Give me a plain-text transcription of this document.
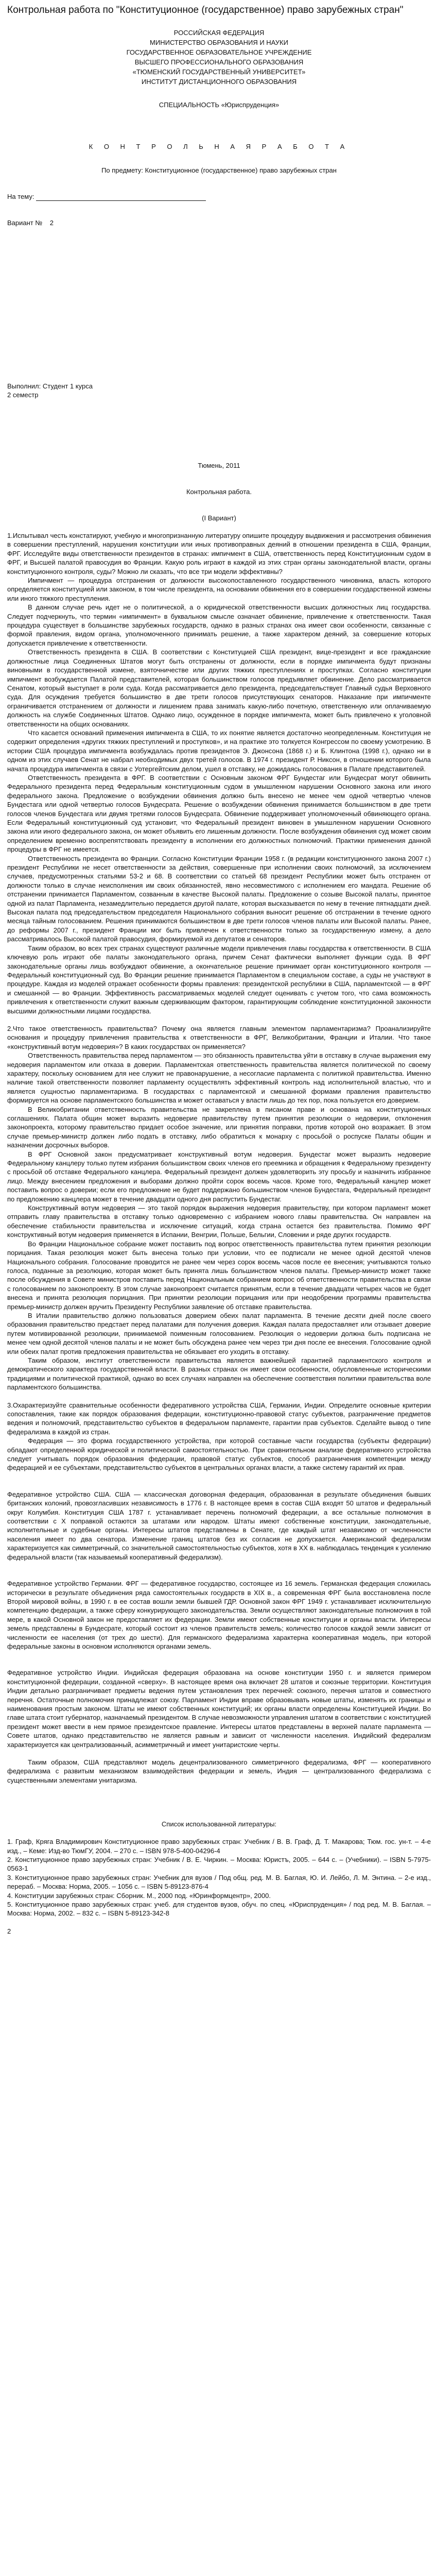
Контрольная работа по "Конституционное (государственное) право зарубежных стран"
РОССИЙСКАЯ ФЕДЕРАЦИЯ
МИНИСТЕРСТВО ОБРАЗОВАНИЯ И НАУКИ
ГОСУДАРСТВЕННОЕ ОБРАЗОВАТЕЛЬНОЕ УЧРЕЖДЕНИЕ
ВЫСШЕГО ПРОФЕССИОНАЛЬНОГО ОБРАЗОВАНИЯ
«ТЮМЕНСКИЙ ГОСУДАРСТВЕННЫЙ УНИВЕРСИТЕТ»
ИНСТИТУТ ДИСТАНЦИОННОГО ОБРАЗОВАНИЯ
СПЕЦИАЛЬНОСТЬ «Юриспруденция»
К О Н Т Р О Л Ь Н А Я Р А Б О Т А
По предмету: Конституционное (государственное) право зарубежных стран
На тему:
Вариант № 2
Выполнил: Студент 1 курса
2 семестр
Тюмень, 2011
Контрольная работа.
(I Вариант)

1.Испытывал честь констатируют, учебную и многопризнанную литературу опишите процедуру выдвижения и рассмотрения обвинения в совершении преступлений, нарушения конституции или иных противоправных деяний в отношении президента в США, Франции, ФРГ. Исследуйте виды ответственности президентов в странах: импичмент в США, ответственность перед Конституционным судом в ФРГ, и Высшей палатой правосудия во Франции. Какую роль играют в каждой из этих стран органы законодательной власти, органы конституционного контроля, суды? Можно ли сказать, что все три модели эффективны?

Импичмент — процедура отстранения от должности высокопоставленного государственного чиновника, власть которого определяется конституцией или законом, в том числе президента, на основании обвинения его в совершении государственной измены или иного тяжкого преступления.

В данном случае речь идет не о политической, а о юридической ответственности высших должностных лиц государства. Следует подчеркнуть, что термин «импичмент» в буквальном смысле означает обвинение, привлечение к ответственности. Такая процедура существует в большинстве зарубежных государств, однако в разных странах она имеет свои особенности, связанные с формой правления, видом органа, уполномоченного принимать решение, а также характером деяний, за совершение которых допускается привлечение к ответственности.

Ответственность президента в США. В соответствии с Конституцией США президент, вице-президент и все гражданские должностные лица Соединенных Штатов могут быть отстранены от должности, если в порядке импичмента будут признаны виновными в государственной измене, взяточничестве или других тяжких преступлениях и проступках. Согласно конституции импичмент возбуждается Палатой представителей, которая большинством голосов предъявляет обвинение. Дело рассматривается Сенатом, который выступает в роли суда. Когда рассматривается дело президента, председательствует Главный судья Верховного суда. Для осуждения требуется большинство в две трети голосов присутствующих сенаторов. Наказание при импичменте ограничивается отстранением от должности и лишением права занимать какую-либо почетную, ответственную или оплачиваемую должность на службе Соединенных Штатов. Однако лицо, осужденное в порядке импичмента, может быть привлечено к уголовной ответственности на общих основаниях.

Что касается оснований применения импичмента в США, то их понятие является достаточно неопределенным. Конституция не содержит определения «других тяжких преступлений и проступков», и на практике это толкуется Конгрессом по своему усмотрению. В истории США процедура импичмента возбуждалась против президентов Э. Джонсона (1868 г.) и Б. Клинтона (1998 г.), однако ни в одном из этих случаев Сенат не набрал необходимых двух третей голосов. В 1974 г. президент Р. Никсон, в отношении которого была начата процедура импичмента в связи с Уотергейтским делом, ушел в отставку, не дожидаясь голосования в Палате представителей.

Ответственность президента в ФРГ. В соответствии с Основным законом ФРГ Бундестаг или Бундесрат могут обвинить Федерального президента перед Федеральным конституционным судом в умышленном нарушении Основного закона или иного федерального закона. Предложение о возбуждении обвинения должно быть внесено не менее чем одной четвертью членов Бундестага или одной четвертью голосов Бундесрата. Решение о возбуждении обвинения принимается большинством в две трети голосов членов Бундестага или двумя третями голосов Бундесрата. Обвинение поддерживает уполномоченный обвиняющего органа. Если Федеральный конституционный суд установит, что Федеральный президент виновен в умышленном нарушении Основного закона или иного федерального закона, он может объявить его лишенным должности. После возбуждения обвинения суд может своим определением временно воспрепятствовать президенту в исполнении его должностных полномочий. Практики применения данной процедуры в ФРГ не имеется.

Ответственность президента во Франции. Согласно Конституции Франции 1958 г. (в редакции конституционного закона 2007 г.) президент Республики не несет ответственности за действия, совершенные при исполнении своих полномочий, за исключением случаев, предусмотренных статьями 53-2 и 68. В соответствии со статьей 68 президент Республики может быть отстранен от должности только в случае неисполнения им своих обязанностей, явно несовместимого с исполнением его мандата. Решение об отстранении принимается Парламентом, созванным в качестве Высокой палаты. Предложение о созыве Высокой палаты, принятое одной из палат Парламента, незамедлительно передается другой палате, которая высказывается по нему в течение пятнадцати дней. Высокая палата под председательством председателя Национального собрания выносит решение об отстранении в течение одного месяца тайным голосованием. Решения принимаются большинством в две трети голосов членов палаты или Высокой палаты. Ранее, до реформы 2007 г., президент Франции мог быть привлечен к ответственности только за государственную измену, а дело рассматривалось Высокой палатой правосудия, формируемой из депутатов и сенаторов.

Таким образом, во всех трех странах существуют различные модели привлечения главы государства к ответственности. В США ключевую роль играют обе палаты законодательного органа, причем Сенат фактически выполняет функции суда. В ФРГ законодательные органы лишь возбуждают обвинение, а окончательное решение принимает орган конституционного контроля — Федеральный конституционный суд. Во Франции решение принимается Парламентом в специальном составе, а суды не участвуют в процедуре. Каждая из моделей отражает особенности формы правления: президентской республики в США, парламентской — в ФРГ и смешанной — во Франции. Эффективность рассматриваемых моделей следует оценивать с учетом того, что сама возможность привлечения к ответственности служит важным сдерживающим фактором, гарантирующим соблюдение конституционной законности высшими должностными лицами государства.

2.Что такое ответственность правительства? Почему она является главным элементом парламентаризма? Проанализируйте основания и процедуру привлечения правительства к ответственности в ФРГ, Великобритании, Франции и Италии. Что такое «конструктивный вотум недоверия»? В каких государствах он применяется?

Ответственность правительства перед парламентом — это обязанность правительства уйти в отставку в случае выражения ему недоверия парламентом или отказа в доверии. Парламентская ответственность правительства является политической по своему характеру, поскольку основанием для нее служит не правонарушение, а несогласие парламента с политикой правительства. Именно наличие такой ответственности позволяет парламенту осуществлять эффективный контроль над исполнительной властью, что и является сущностью парламентаризма. В государствах с парламентской и смешанной формами правления правительство формируется на основе парламентского большинства и может оставаться у власти лишь до тех пор, пока пользуется его доверием.

В Великобритании ответственность правительства не закреплена в писаном праве и основана на конституционных соглашениях. Палата общин может выразить недоверие правительству путем принятия резолюции о недоверии, отклонения законопроекта, которому правительство придает особое значение, или принятия поправки, против которой оно возражает. В этом случае премьер-министр должен либо подать в отставку, либо обратиться к монарху с просьбой о роспуске Палаты общин и назначении досрочных выборов.

В ФРГ Основной закон предусматривает конструктивный вотум недоверия. Бундестаг может выразить недоверие Федеральному канцлеру только путем избрания большинством своих членов его преемника и обращения к Федеральному президенту с просьбой об отставке Федерального канцлера. Федеральный президент должен удовлетворить эту просьбу и назначить избранное лицо. Между внесением предложения и выборами должно пройти сорок восемь часов. Кроме того, Федеральный канцлер может поставить вопрос о доверии; если его предложение не будет поддержано большинством членов Бундестага, Федеральный президент по предложению канцлера может в течение двадцати одного дня распустить Бундестаг.

Конструктивный вотум недоверия — это такой порядок выражения недоверия правительству, при котором парламент может отправить главу правительства в отставку только одновременно с избранием нового главы правительства. Он направлен на обеспечение стабильности правительства и исключение ситуаций, когда страна остается без правительства. Помимо ФРГ конструктивный вотум недоверия применяется в Испании, Венгрии, Польше, Бельгии, Словении и ряде других государств.

Во Франции Национальное собрание может поставить под вопрос ответственность правительства путем принятия резолюции порицания. Такая резолюция может быть внесена только при условии, что ее подписали не менее одной десятой членов Национального собрания. Голосование проводится не ранее чем через сорок восемь часов после ее внесения; учитываются только голоса, поданные за резолюцию, которая может быть принята лишь большинством членов палаты. Премьер-министр может также после обсуждения в Совете министров поставить перед Национальным собранием вопрос об ответственности правительства в связи с голосованием по законопроекту. В этом случае законопроект считается принятым, если в течение двадцати четырех часов не будет внесена и принята резолюция порицания. При принятии резолюции порицания или при неодобрении программы правительства премьер-министр должен вручить Президенту Республики заявление об отставке правительства.

В Италии правительство должно пользоваться доверием обеих палат парламента. В течение десяти дней после своего образования правительство предстает перед палатами для получения доверия. Каждая палата предоставляет или отзывает доверие путем мотивированной резолюции, принимаемой поименным голосованием. Резолюция о недоверии должна быть подписана не менее чем одной десятой членов палаты и не может быть обсуждена ранее чем через три дня после ее внесения. Голосование одной или обеих палат против предложения правительства не обязывает его уходить в отставку.

Таким образом, институт ответственности правительства является важнейшей гарантией парламентского контроля и демократического характера государственной власти. В разных странах он имеет свои особенности, обусловленные историческими традициями и политической практикой, однако во всех случаях направлен на обеспечение соответствия политики правительства воле парламентского большинства.

3.Охарактеризуйте сравнительные особенности федеративного устройства США, Германии, Индии. Определите основные критерии сопоставления, такие как порядок образования федерации, конституционно-правовой статус субъектов, разграничение предметов ведения и полномочий, представительство субъектов в федеральном парламенте, гарантии прав субъектов. Сделайте вывод о типе федерализма в каждой из стран.

Федерация — это форма государственного устройства, при которой составные части государства (субъекты федерации) обладают определенной юридической и политической самостоятельностью. При сравнительном анализе федеративного устройства следует учитывать порядок образования федерации, правовой статус субъектов, способ разграничения компетенции между федерацией и ее субъектами, представительство субъектов в центральных органах власти, а также систему гарантий их прав.

Федеративное устройство США. США — классическая договорная федерация, образованная в результате объединения бывших британских колоний, провозгласивших независимость в 1776 г. В настоящее время в состав США входят 50 штатов и федеральный округ Колумбия. Конституция США 1787 г. устанавливает перечень полномочий федерации, а все остальные полномочия в соответствии с X поправкой остаются за штатами или народом. Штаты имеют собственные конституции, законодательные, исполнительные и судебные органы. Интересы штатов представлены в Сенате, где каждый штат независимо от численности населения имеет по два сенатора. Изменение границ штатов без их согласия не допускается. Американский федерализм характеризуется как симметричный, со значительной самостоятельностью субъектов, хотя в XX в. наблюдалась тенденция к усилению федеральной власти (так называемый кооперативный федерализм).

Федеративное устройство Германии. ФРГ — федеративное государство, состоящее из 16 земель. Германская федерация сложилась исторически в результате объединения ряда самостоятельных государств в XIX в., а современная ФРГ была восстановлена после Второй мировой войны, в 1990 г. в ее состав вошли земли бывшей ГДР. Основной закон ФРГ 1949 г. устанавливает исключительную компетенцию федерации, а также сферу конкурирующего законодательства. Земли осуществляют законодательные полномочия в той мере, в какой Основной закон не предоставляет их федерации. Земли имеют собственные конституции и органы власти. Интересы земель представлены в Бундесрате, который состоит из членов правительств земель; количество голосов каждой земли зависит от численности ее населения (от трех до шести). Для германского федерализма характерна кооперативная модель, при которой федеральные законы в основном исполняются органами земель.

Федеративное устройство Индии. Индийская федерация образована на основе конституции 1950 г. и является примером конституционной федерации, созданной «сверху». В настоящее время она включает 28 штатов и союзные территории. Конституция Индии детально разграничивает предметы ведения путем установления трех перечней: союзного, перечня штатов и совместного перечня. Остаточные полномочия принадлежат союзу. Парламент Индии вправе образовывать новые штаты, изменять их границы и наименования простым законом. Штаты не имеют собственных конституций; их органы власти определены Конституцией Индии. Во главе штата стоит губернатор, назначаемый президентом. В случае невозможности управления штатом в соответствии с конституцией президент может ввести в нем прямое президентское правление. Интересы штатов представлены в верхней палате парламента — Совете штатов, однако представительство не является равным и зависит от численности населения. Индийский федерализм характеризуется как централизованный, асимметричный и имеет унитаристские черты.

Таким образом, США представляют модель децентрализованного симметричного федерализма, ФРГ — кооперативного федерализма с развитым механизмом взаимодействия федерации и земель, Индия — централизованного федерализма с существенными элементами унитаризма.

Список использованной литературы:

1. Граф, Кряга Владимирович Конституционное право зарубежных стран: Учебник / В. В. Граф, Д. Т. Макарова; Тюм. гос. ун-т. – 4-е изд., – Кеме: Изд-во ТюмГУ, 2004. – 270 с. – ISBN 978-5-400-04296-4

2. Конституционное право зарубежных стран: Учебник / В. Е. Чиркин. – Москва: Юристъ, 2005. – 644 с. – (Учебники). – ISBN 5-7975-0563-1

3. Конституционное право зарубежных стран: Учебник для вузов / Под общ. ред. М. В. Баглая, Ю. И. Лейбо, Л. М. Энтина. – 2-е изд., перераб. – Москва: Норма, 2005. – 1056 с. – ISBN 5-89123-876-4

4. Конституции зарубежных стран: Сборник. М., 2000 под. «Юринформцентр», 2000.

5. Конституционное право зарубежных стран: учеб. для студентов вузов, обуч. по спец. «Юриспруденция» / под ред. М. В. Баглая. – Москва: Норма, 2002. – 832 с. – ISBN 5-89123-342-8

2
